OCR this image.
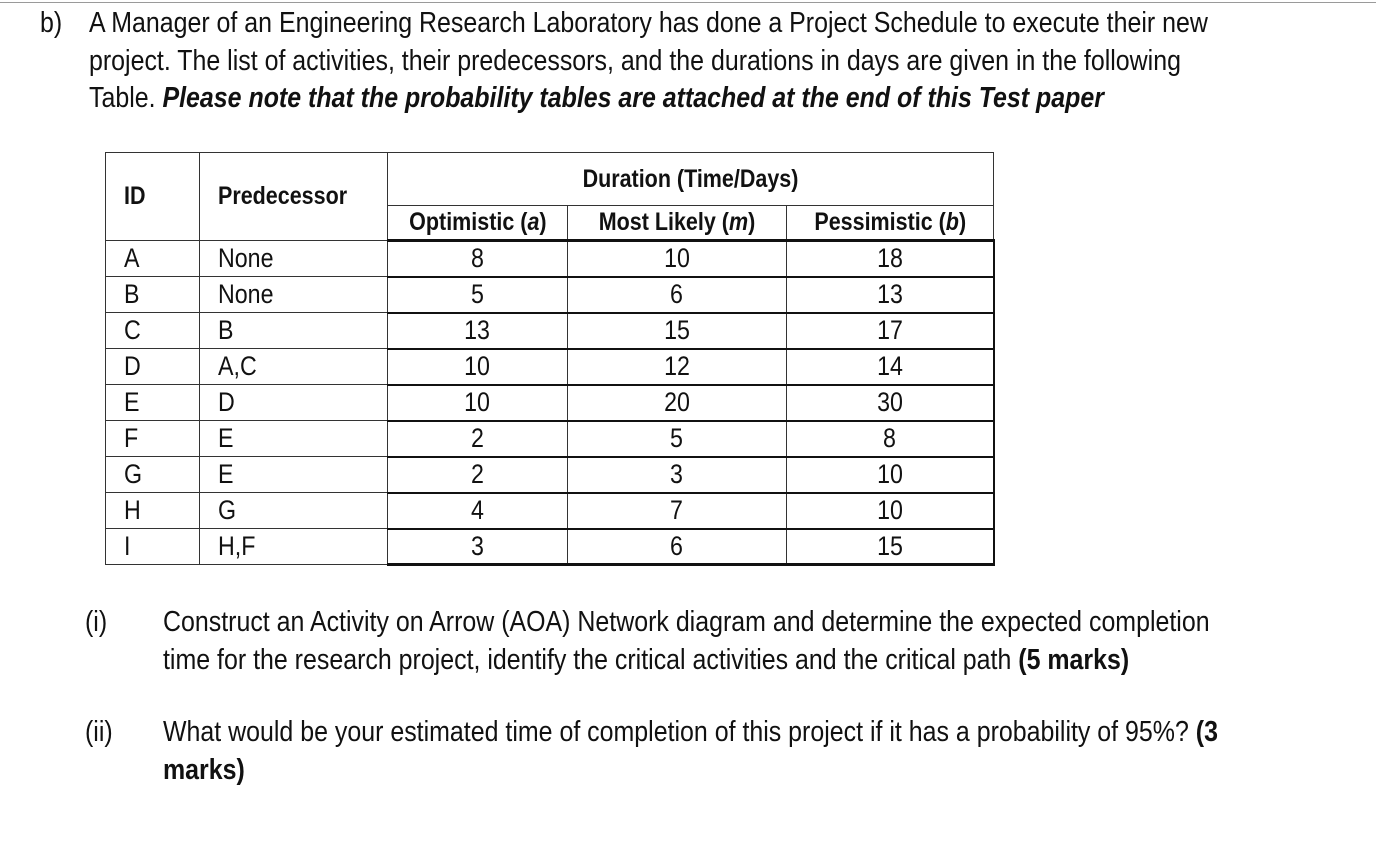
b) A Manager of an Engineering Research Laboratory has done a Project Schedule to execute their new
project. The list of activities, their predecessors, and the durations in days are given in the following
Table. Please note that the probability tables are attached at the end of this Test paper
ID	Predecessor	Duration (Time/Days)		
		Optimistic (a)	Most Likely (m)	Pessimistic (b)
A	None	8	10	18
B	None	5	6	13
C	B	13	15	17
D	A,C	10	12	14
E	D	10	20	30
F	E	2	5	8
G	E	2	3	10
H	G	4	7	10
I	H,F	3	6	15
(i) Construct an Activity on Arrow (AOA) Network diagram and determine the expected completion
time for the research project, identify the critical activities and the critical path (5 marks)
(ii) What would be your estimated time of completion of this project if it has a probability of 95%? (3
marks)
